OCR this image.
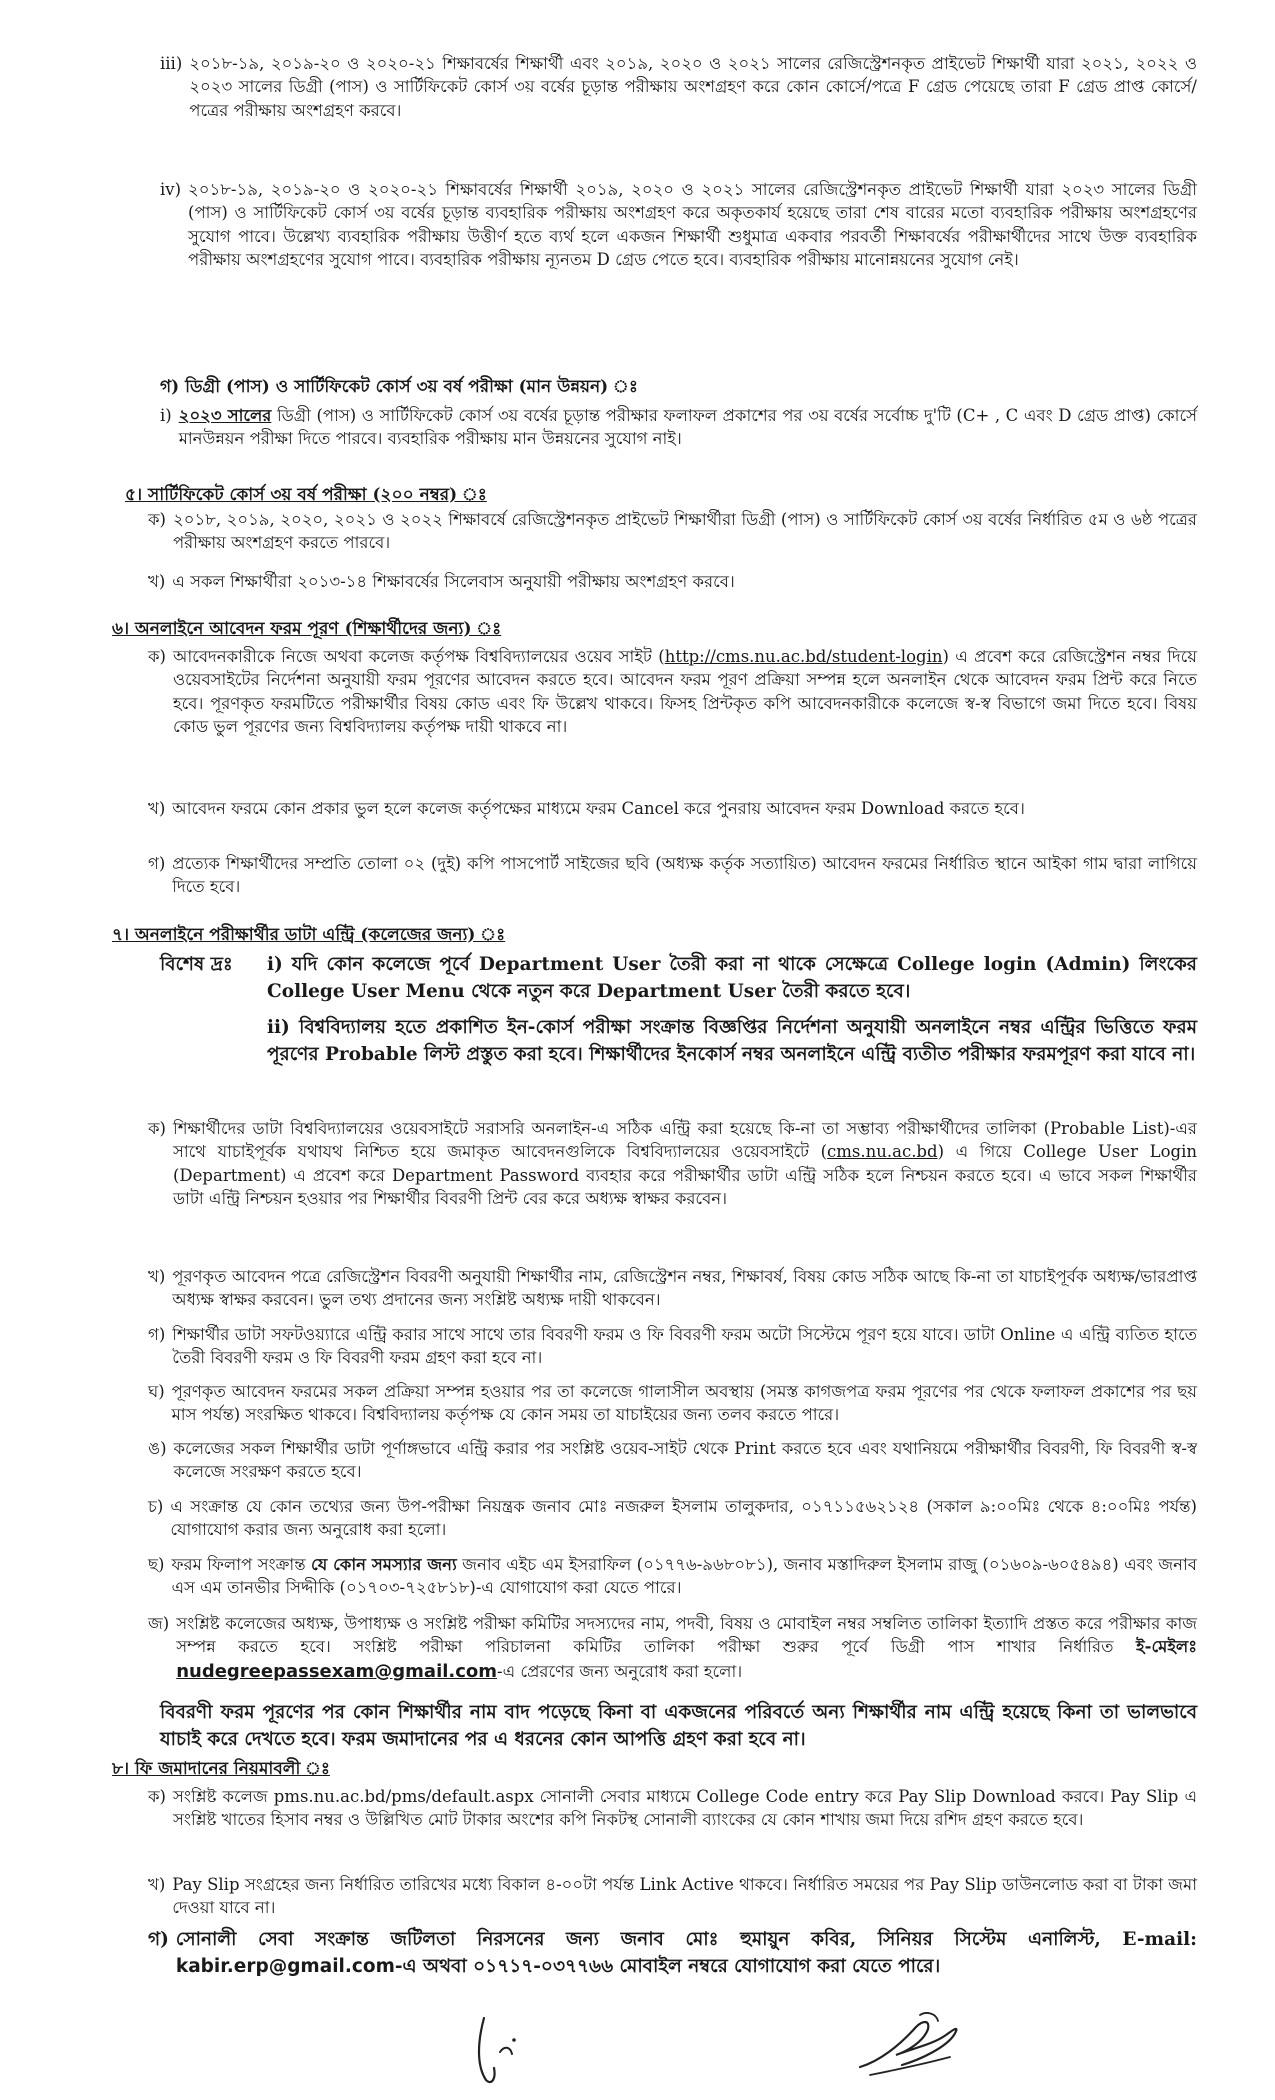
iii) ২০১৮-১৯, ২০১৯-২০ ও ২০২০-২১ শিক্ষাবর্ষের শিক্ষার্থী এবং ২০১৯, ২০২০ ও ২০২১ সালের রেজিস্ট্রেশনকৃত প্রাইভেট শিক্ষার্থী যারা ২০২১, ২০২২ ও ২০২৩ সালের ডিগ্রী (পাস) ও সার্টিফিকেট কোর্স ৩য় বর্ষের চূড়ান্ত পরীক্ষায় অংশগ্রহণ করে কোন কোর্সে/পত্রে F গ্রেড পেয়েছে তারা F গ্রেড প্রাপ্ত কোর্সে/পত্রের পরীক্ষায় অংশগ্রহণ করবে।
iv) ২০১৮-১৯, ২০১৯-২০ ও ২০২০-২১ শিক্ষাবর্ষের শিক্ষার্থী ২০১৯, ২০২০ ও ২০২১ সালের রেজিস্ট্রেশনকৃত প্রাইভেট শিক্ষার্থী যারা ২০২৩ সালের ডিগ্রী (পাস) ও সার্টিফিকেট কোর্স ৩য় বর্ষের চূড়ান্ত ব্যবহারিক পরীক্ষায় অংশগ্রহণ করে অকৃতকার্য হয়েছে তারা শেষ বারের মতো ব্যবহারিক পরীক্ষায় অংশগ্রহণের সুযোগ পাবে। উল্লেখ্য ব্যবহারিক পরীক্ষায় উত্তীর্ণ হতে ব্যর্থ হলে একজন শিক্ষার্থী শুধুমাত্র একবার পরবর্তী শিক্ষাবর্ষের পরীক্ষার্থীদের সাথে উক্ত ব্যবহারিক পরীক্ষায় অংশগ্রহণের সুযোগ পাবে। ব্যবহারিক পরীক্ষায় ন্যূনতম D গ্রেড পেতে হবে। ব্যবহারিক পরীক্ষায় মানোন্নয়নের সুযোগ নেই।
গ) ডিগ্রী (পাস) ও সার্টিফিকেট কোর্স ৩য় বর্ষ পরীক্ষা (মান উন্নয়ন) ঃ
i) ২০২৩ সালের ডিগ্রী (পাস) ও সার্টিফিকেট কোর্স ৩য় বর্ষের চূড়ান্ত পরীক্ষার ফলাফল প্রকাশের পর ৩য় বর্ষের সর্বোচ্চ দু'টি (C+ , C এবং D গ্রেড প্রাপ্ত) কোর্সে মানউন্নয়ন পরীক্ষা দিতে পারবে। ব্যবহারিক পরীক্ষায় মান উন্নয়নের সুযোগ নাই।
৫। সার্টিফিকেট কোর্স ৩য় বর্ষ পরীক্ষা (২০০ নম্বর) ঃ
ক) ২০১৮, ২০১৯, ২০২০, ২০২১ ও ২০২২ শিক্ষাবর্ষে রেজিস্ট্রেশনকৃত প্রাইভেট শিক্ষার্থীরা ডিগ্রী (পাস) ও সার্টিফিকেট কোর্স ৩য় বর্ষের নির্ধারিত ৫ম ও ৬ষ্ঠ পত্রের পরীক্ষায় অংশগ্রহণ করতে পারবে।
খ) এ সকল শিক্ষার্থীরা ২০১৩-১৪ শিক্ষাবর্ষের সিলেবাস অনুযায়ী পরীক্ষায় অংশগ্রহণ করবে।
৬। অনলাইনে আবেদন ফরম পূরণ (শিক্ষার্থীদের জন্য) ঃ
ক) আবেদনকারীকে নিজে অথবা কলেজ কর্তৃপক্ষ বিশ্ববিদ্যালয়ের ওয়েব সাইট (http://cms.nu.ac.bd/student-login) এ প্রবেশ করে রেজিস্ট্রেশন নম্বর দিয়ে ওয়েবসাইটের নির্দেশনা অনুযায়ী ফরম পূরণের আবেদন করতে হবে। আবেদন ফরম পূরণ প্রক্রিয়া সম্পন্ন হলে অনলাইন থেকে আবেদন ফরম প্রিন্ট করে নিতে হবে। পূরণকৃত ফরমটিতে পরীক্ষার্থীর বিষয় কোড এবং ফি উল্লেখ থাকবে। ফিসহ প্রিন্টকৃত কপি আবেদনকারীকে কলেজে স্ব-স্ব বিভাগে জমা দিতে হবে। বিষয় কোড ভুল পূরণের জন্য বিশ্ববিদ্যালয় কর্তৃপক্ষ দায়ী থাকবে না।
খ) আবেদন ফরমে কোন প্রকার ভুল হলে কলেজ কর্তৃপক্ষের মাধ্যমে ফরম Cancel করে পুনরায় আবেদন ফরম Download করতে হবে।
গ) প্রত্যেক শিক্ষার্থীদের সম্প্রতি তোলা ০২ (দুই) কপি পাসপোর্ট সাইজের ছবি (অধ্যক্ষ কর্তৃক সত্যায়িত) আবেদন ফরমের নির্ধারিত স্থানে আইকা গাম দ্বারা লাগিয়ে দিতে হবে।
৭। অনলাইনে পরীক্ষার্থীর ডাটা এন্ট্রি (কলেজের জন্য) ঃ
বিশেষ দ্রঃ	i) যদি কোন কলেজে পূর্বে Department User তৈরী করা না থাকে সেক্ষেত্রে College login (Admin) লিংকের College User Menu থেকে নতুন করে Department User তৈরী করতে হবে।
ii) বিশ্ববিদ্যালয় হতে প্রকাশিত ইন-কোর্স পরীক্ষা সংক্রান্ত বিজ্ঞপ্তির নির্দেশনা অনুযায়ী অনলাইনে নম্বর এন্ট্রির ভিত্তিতে ফরম পূরণের Probable লিস্ট প্রস্তুত করা হবে। শিক্ষার্থীদের ইনকোর্স নম্বর অনলাইনে এন্ট্রি ব্যতীত পরীক্ষার ফরমপূরণ করা যাবে না।
ক) শিক্ষার্থীদের ডাটা বিশ্ববিদ্যালয়ের ওয়েবসাইটে সরাসরি অনলাইন-এ সঠিক এন্ট্রি করা হয়েছে কি-না তা সম্ভাব্য পরীক্ষার্থীদের তালিকা (Probable List)-এর সাথে যাচাইপূর্বক যথাযথ নিশ্চিত হয়ে জমাকৃত আবেদনগুলিকে বিশ্ববিদ্যালয়ের ওয়েবসাইটে (cms.nu.ac.bd) এ গিয়ে College User Login (Department) এ প্রবেশ করে Department Password ব্যবহার করে পরীক্ষার্থীর ডাটা এন্ট্রি সঠিক হলে নিশ্চয়ন করতে হবে। এ ভাবে সকল শিক্ষার্থীর ডাটা এন্ট্রি নিশ্চয়ন হওয়ার পর শিক্ষার্থীর বিবরণী প্রিন্ট বের করে অধ্যক্ষ স্বাক্ষর করবেন।
খ) পূরণকৃত আবেদন পত্রে রেজিস্ট্রেশন বিবরণী অনুযায়ী শিক্ষার্থীর নাম, রেজিস্ট্রেশন নম্বর, শিক্ষাবর্ষ, বিষয় কোড সঠিক আছে কি-না তা যাচাইপূর্বক অধ্যক্ষ/ভারপ্রাপ্ত অধ্যক্ষ স্বাক্ষর করবেন। ভুল তথ্য প্রদানের জন্য সংশ্লিষ্ট অধ্যক্ষ দায়ী থাকবেন।
গ) শিক্ষার্থীর ডাটা সফটওয়্যারে এন্ট্রি করার সাথে সাথে তার বিবরণী ফরম ও ফি বিবরণী ফরম অটো সিস্টেমে পূরণ হয়ে যাবে। ডাটা Online এ এন্ট্রি ব্যতিত হাতে তৈরী বিবরণী ফরম ও ফি বিবরণী ফরম গ্রহণ করা হবে না।
ঘ) পূরণকৃত আবেদন ফরমের সকল প্রক্রিয়া সম্পন্ন হওয়ার পর তা কলেজে গালাসীল অবস্থায় (সমস্ত কাগজপত্র ফরম পূরণের পর থেকে ফলাফল প্রকাশের পর ছয় মাস পর্যন্ত) সংরক্ষিত থাকবে। বিশ্ববিদ্যালয় কর্তৃপক্ষ যে কোন সময় তা যাচাইয়ের জন্য তলব করতে পারে।
ঙ) কলেজের সকল শিক্ষার্থীর ডাটা পূর্ণাঙ্গভাবে এন্ট্রি করার পর সংশ্লিষ্ট ওয়েব-সাইট থেকে Print করতে হবে এবং যথানিয়মে পরীক্ষার্থীর বিবরণী, ফি বিবরণী স্ব-স্ব কলেজে সংরক্ষণ করতে হবে।
চ) এ সংক্রান্ত যে কোন তথ্যের জন্য উপ-পরীক্ষা নিয়ন্ত্রক জনাব মোঃ নজরুল ইসলাম তালুকদার, ০১৭১১৫৬২১২৪ (সকাল ৯:০০মিঃ থেকে ৪:০০মিঃ পর্যন্ত) যোগাযোগ করার জন্য অনুরোধ করা হলো।
ছ) ফরম ফিলাপ সংক্রান্ত যে কোন সমস্যার জন্য জনাব এইচ এম ইসরাফিল (০১৭৭৬-৯৬৮০৮১), জনাব মস্তাদিরুল ইসলাম রাজু (০১৬০৯-৬০৫৪৯৪) এবং জনাব এস এম তানভীর সিদ্দীকি (০১৭০৩-৭২৫৮১৮)-এ যোগাযোগ করা যেতে পারে।
জ) সংশ্লিষ্ট কলেজের অধ্যক্ষ, উপাধ্যক্ষ ও সংশ্লিষ্ট পরীক্ষা কমিটির সদস্যদের নাম, পদবী, বিষয় ও মোবাইল নম্বর সম্বলিত তালিকা ইত্যাদি প্রস্তত করে পরীক্ষার কাজ সম্পন্ন করতে হবে। সংশ্লিষ্ট পরীক্ষা পরিচালনা কমিটির তালিকা পরীক্ষা শুরুর পূর্বে ডিগ্রী পাস শাখার নির্ধারিত ই-মেইলঃ nudegreepassexam@gmail.com-এ প্রেরণের জন্য অনুরোধ করা হলো।
বিবরণী ফরম পূরণের পর কোন শিক্ষার্থীর নাম বাদ পড়েছে কিনা বা একজনের পরিবর্তে অন্য শিক্ষার্থীর নাম এন্ট্রি হয়েছে কিনা তা ভালভাবে যাচাই করে দেখতে হবে। ফরম জমাদানের পর এ ধরনের কোন আপত্তি গ্রহণ করা হবে না।
৮। ফি জমাদানের নিয়মাবলী ঃ
ক) সংশ্লিষ্ট কলেজ pms.nu.ac.bd/pms/default.aspx সোনালী সেবার মাধ্যমে College Code entry করে Pay Slip Download করবে। Pay Slip এ সংশ্লিষ্ট খাতের হিসাব নম্বর ও উল্লিখিত মোট টাকার অংশের কপি নিকটস্থ সোনালী ব্যাংকের যে কোন শাখায় জমা দিয়ে রশিদ গ্রহণ করতে হবে।
খ) Pay Slip সংগ্রহের জন্য নির্ধারিত তারিখের মধ্যে বিকাল ৪-০০টা পর্যন্ত Link Active থাকবে। নির্ধারিত সময়ের পর Pay Slip ডাউনলোড করা বা টাকা জমা দেওয়া যাবে না।
গ) সোনালী সেবা সংক্রান্ত জটিলতা নিরসনের জন্য জনাব মোঃ হুমায়ুন কবির, সিনিয়র সিস্টেম এনালিস্ট, E-mail: kabir.erp@gmail.com-এ অথবা ০১৭১৭-০৩৭৭৬৬ মোবাইল নম্বরে যোগাযোগ করা যেতে পারে।
